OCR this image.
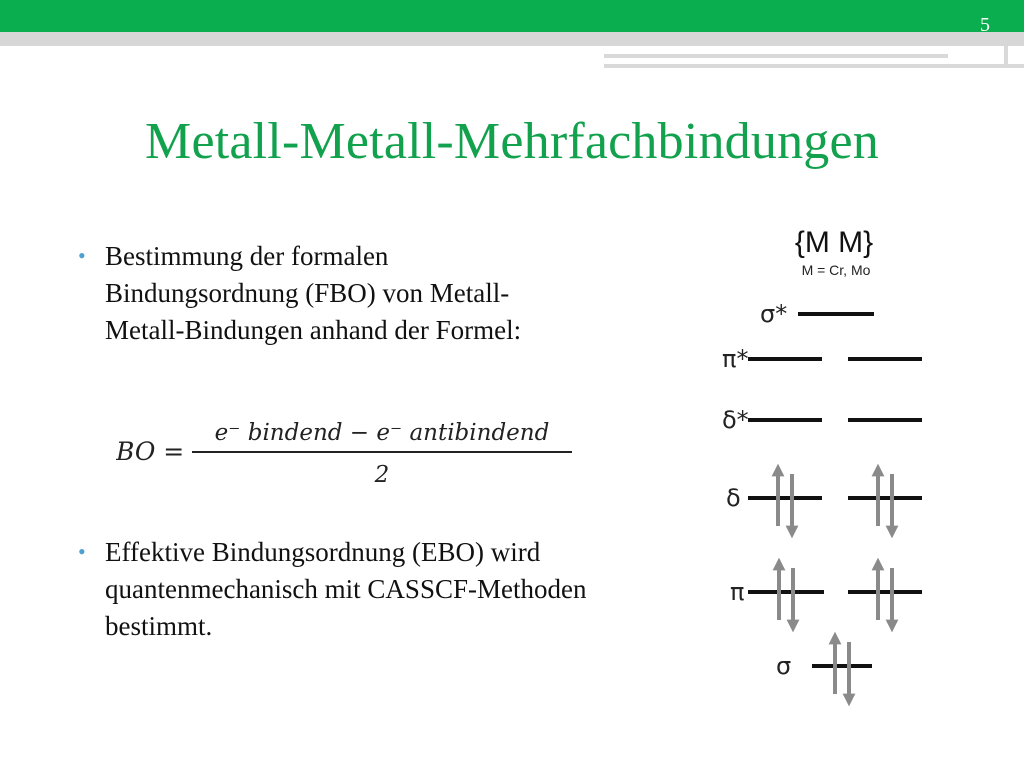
5
Metall-Metall-Mehrfachbindungen
• Bestimmung der formalen
Bindungsordnung (FBO) von Metall-
Metall-Bindungen anhand der Formel:
BO =
e⁻ bindend − e⁻ antibindend
2
• Effektive Bindungsordnung (EBO) wird
quantenmechanisch mit CASSCF-Methoden
bestimmt.
{M M}
M = Cr, Mo
σ*
π*
δ*
δ
π
σ
